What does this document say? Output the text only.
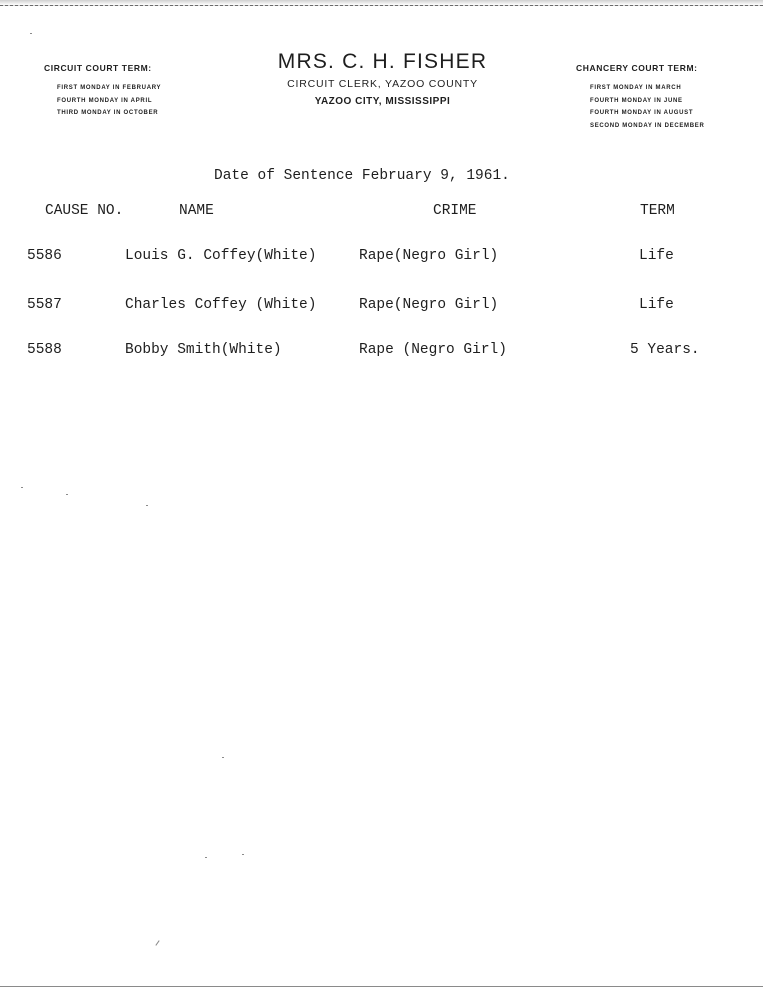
CIRCUIT COURT TERM:
FIRST MONDAY IN FEBRUARY
FOURTH MONDAY IN APRIL
THIRD MONDAY IN OCTOBER
MRS. C. H. FISHER
CIRCUIT CLERK, YAZOO COUNTY
YAZOO CITY, MISSISSIPPI
CHANCERY COURT TERM:
FIRST MONDAY IN MARCH
FOURTH MONDAY IN JUNE
FOURTH MONDAY IN AUGUST
SECOND MONDAY IN DECEMBER
Date of Sentence February 9, 1961.
CAUSE NO.	NAME	CRIME	TERM
5586	Louis G. Coffey(White)	Rape(Negro Girl)	Life
5587	Charles Coffey (White)	Rape(Negro Girl)	Life
5588	Bobby Smith(White)	Rape (Negro Girl)	5 Years.
